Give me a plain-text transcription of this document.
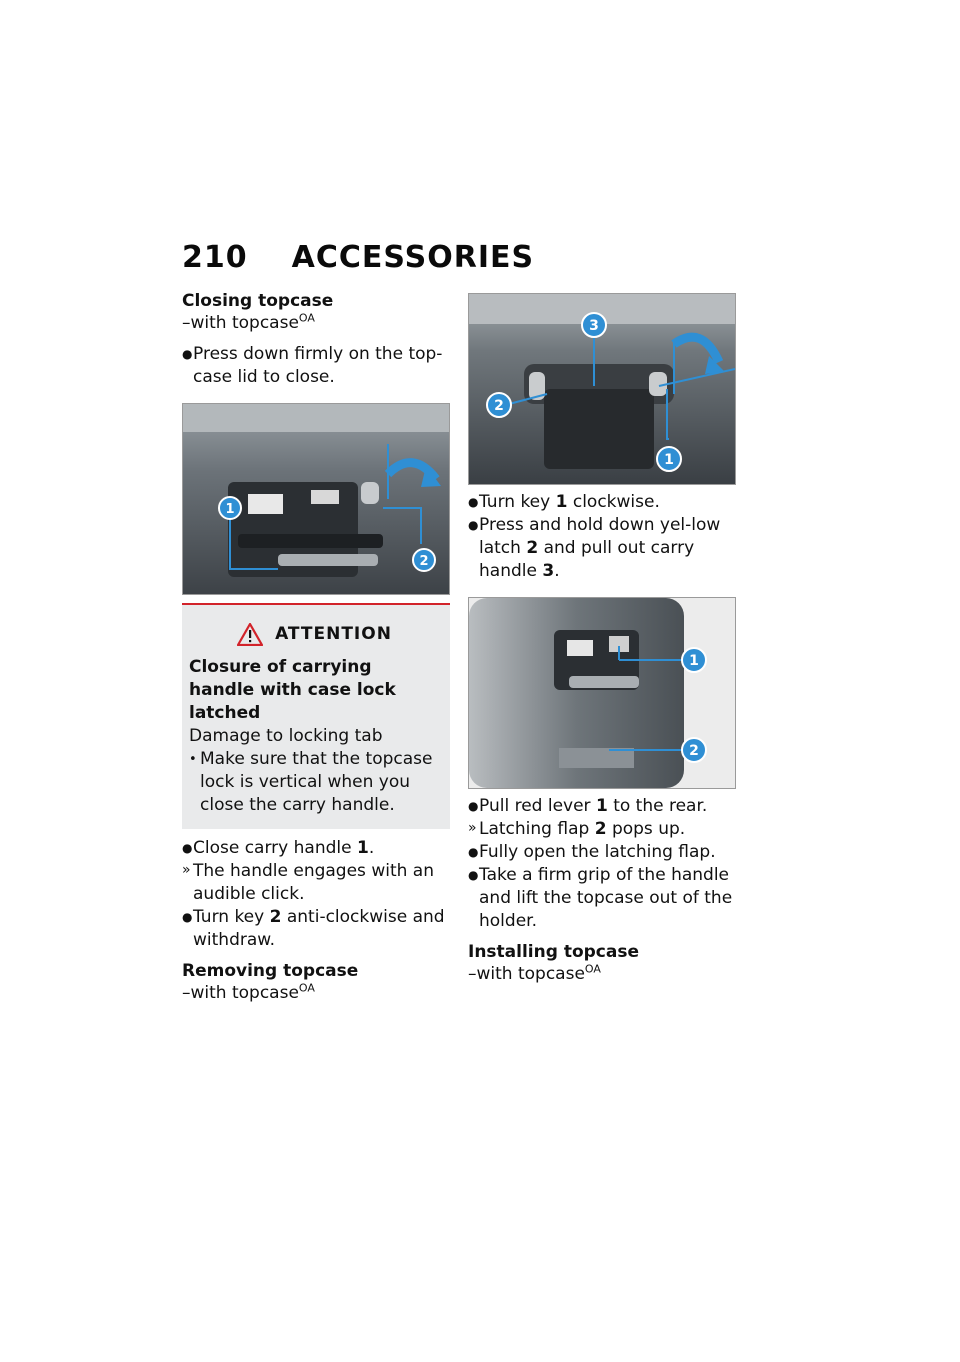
210 ACCESSORIES
Closing topcase

–with topcase$^{OA}$

● Press down firmly on the top-case lid to close.
1
2
ATTENTION

Closure of carrying handle with case lock latched

Damage to locking tab
• Make sure that the topcase lock is vertical when you close the carry handle.
● Close carry handle 1.
» The handle engages with an audible click.
● Turn key 2 anti-clockwise and withdraw.
Removing topcase

–with topcase$^{OA}$

3
2
1
● Turn key 1 clockwise.
● Press and hold down yel-low latch 2 and pull out carry handle 3.
1
2
● Pull red lever 1 to the rear.
» Latching flap 2 pops up.
● Fully open the latching flap.
● Take a firm grip of the handle and lift the topcase out of the holder.
Installing topcase

–with topcase$^{OA}$
